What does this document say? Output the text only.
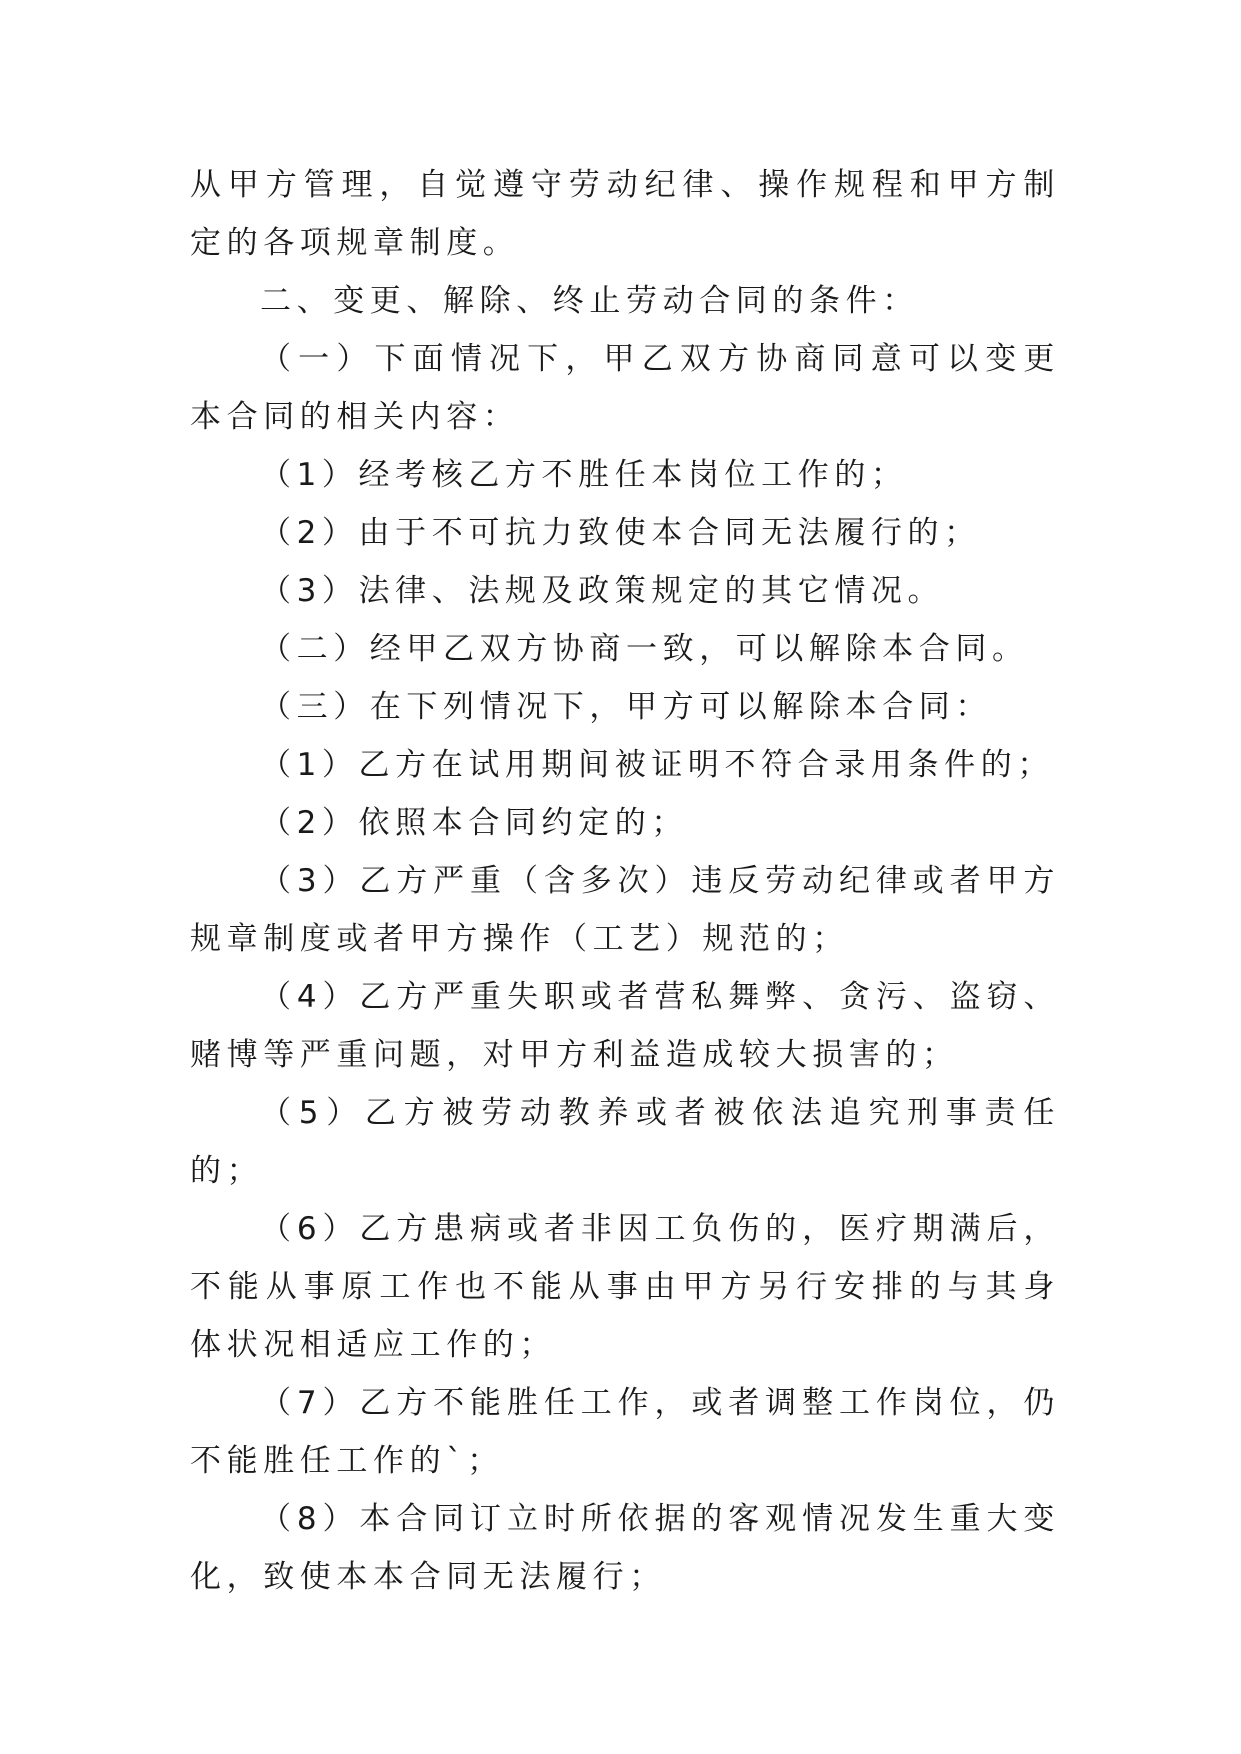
从甲方管理，自觉遵守劳动纪律、操作规程和甲方制定的各项规章制度。

二、变更、解除、终止劳动合同的条件：

（一）下面情况下，甲乙双方协商同意可以变更本合同的相关内容：

（1）经考核乙方不胜任本岗位工作的；

（2）由于不可抗力致使本合同无法履行的；

（3）法律、法规及政策规定的其它情况。

（二）经甲乙双方协商一致，可以解除本合同。

（三）在下列情况下，甲方可以解除本合同：

（1）乙方在试用期间被证明不符合录用条件的；

（2）依照本合同约定的；

（3）乙方严重（含多次）违反劳动纪律或者甲方规章制度或者甲方操作（工艺）规范的；

（4）乙方严重失职或者营私舞弊、贪污、盗窃、赌博等严重问题，对甲方利益造成较大损害的；

（5）乙方被劳动教养或者被依法追究刑事责任的；

（6）乙方患病或者非因工负伤的，医疗期满后，不能从事原工作也不能从事由甲方另行安排的与其身体状况相适应工作的；

（7）乙方不能胜任工作，或者调整工作岗位，仍不能胜任工作的`；

（8）本合同订立时所依据的客观情况发生重大变化，致使本本合同无法履行；
